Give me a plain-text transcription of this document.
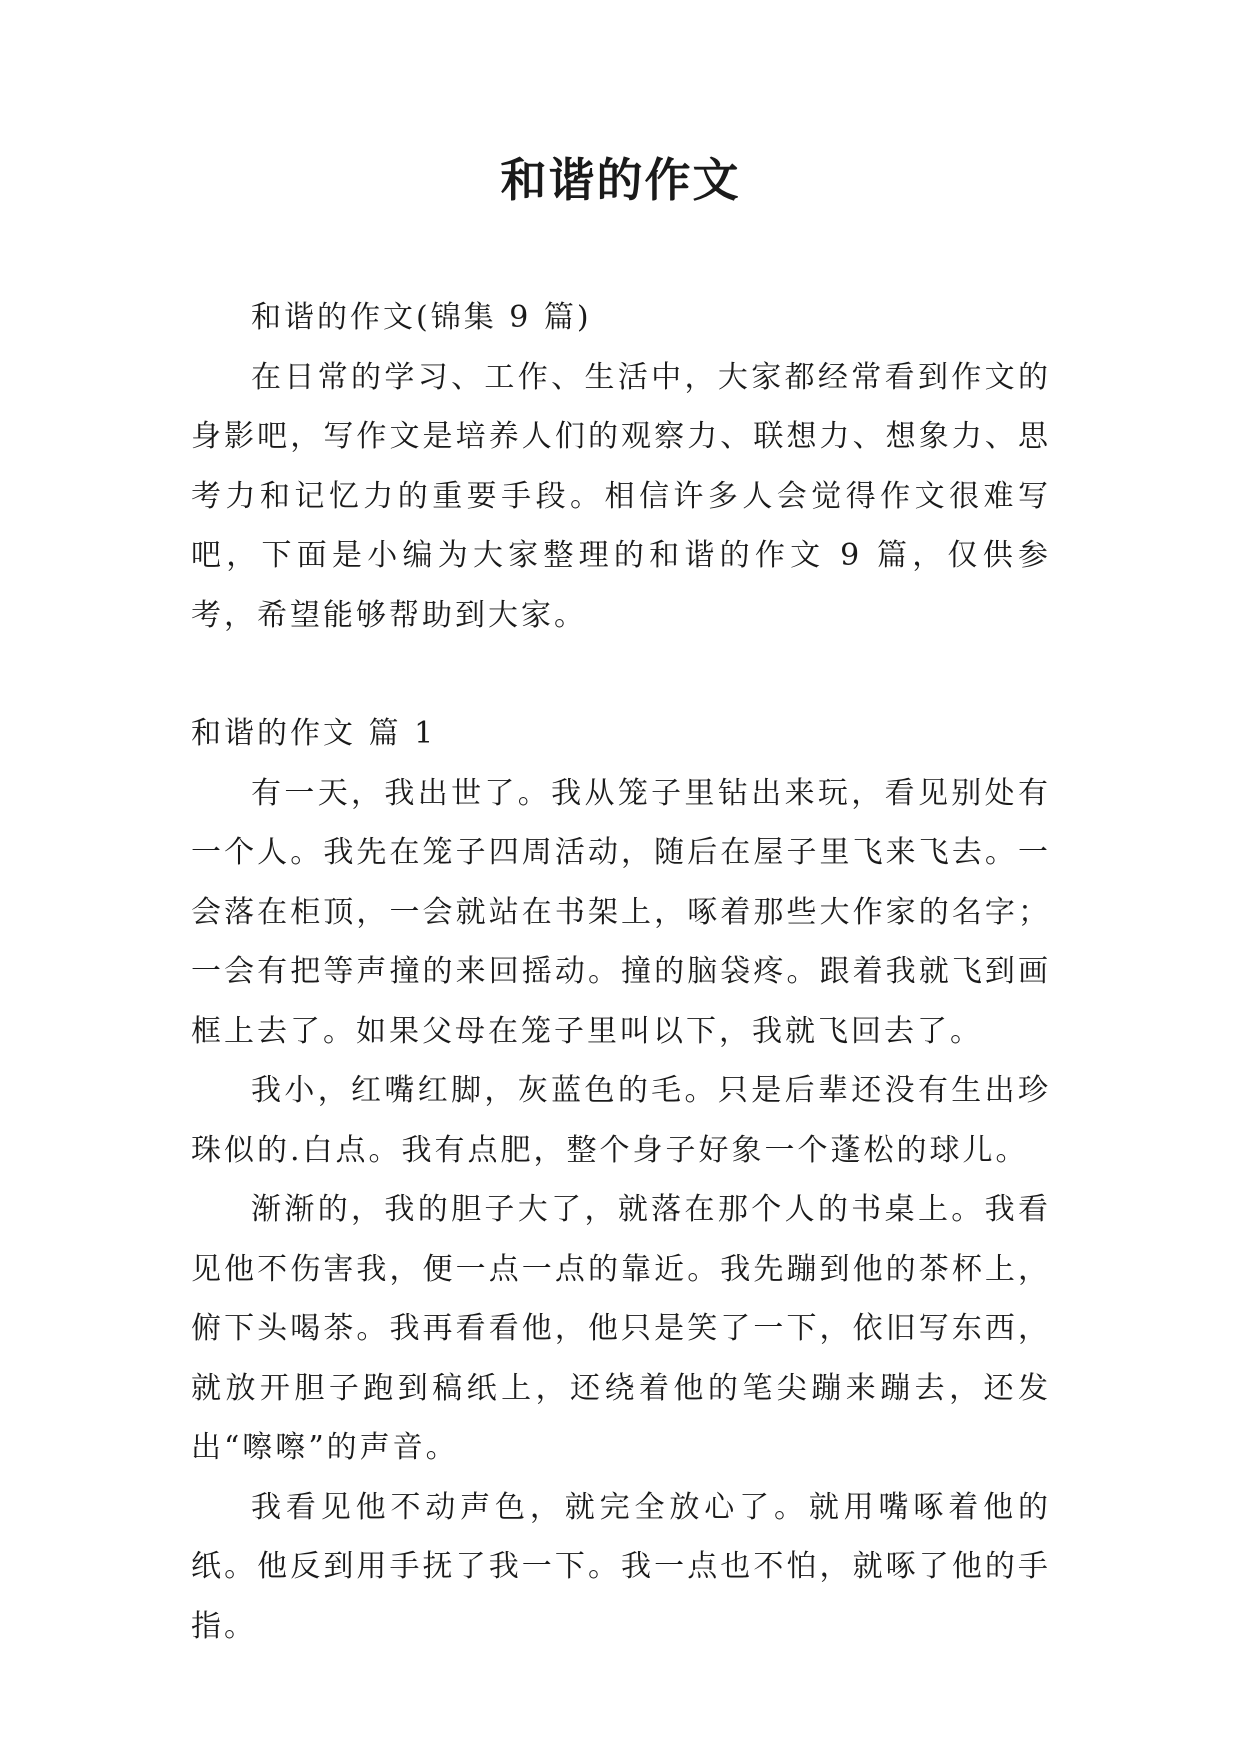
和谐的作文

和谐的作文(锦集 9 篇)

在日常的学习、工作、生活中，大家都经常看到作文的身影吧，写作文是培养人们的观察力、联想力、想象力、思考力和记忆力的重要手段。相信许多人会觉得作文很难写吧，下面是小编为大家整理的和谐的作文 9 篇，仅供参考，希望能够帮助到大家。

和谐的作文 篇 1

有一天，我出世了。我从笼子里钻出来玩，看见别处有一个人。我先在笼子四周活动，随后在屋子里飞来飞去。一会落在柜顶，一会就站在书架上，啄着那些大作家的名字；一会有把等声撞的来回摇动。撞的脑袋疼。跟着我就飞到画框上去了。如果父母在笼子里叫以下，我就飞回去了。

我小，红嘴红脚，灰蓝色的毛。只是后辈还没有生出珍珠似的.白点。我有点肥，整个身子好象一个蓬松的球儿。

渐渐的，我的胆子大了，就落在那个人的书桌上。我看见他不伤害我，便一点一点的靠近。我先蹦到他的茶杯上，俯下头喝茶。我再看看他，他只是笑了一下，依旧写东西，就放开胆子跑到稿纸上，还绕着他的笔尖蹦来蹦去，还发出“嚓嚓”的声音。

我看见他不动声色，就完全放心了。就用嘴啄着他的纸。他反到用手抚了我一下。我一点也不怕，就啄了他的手指。
